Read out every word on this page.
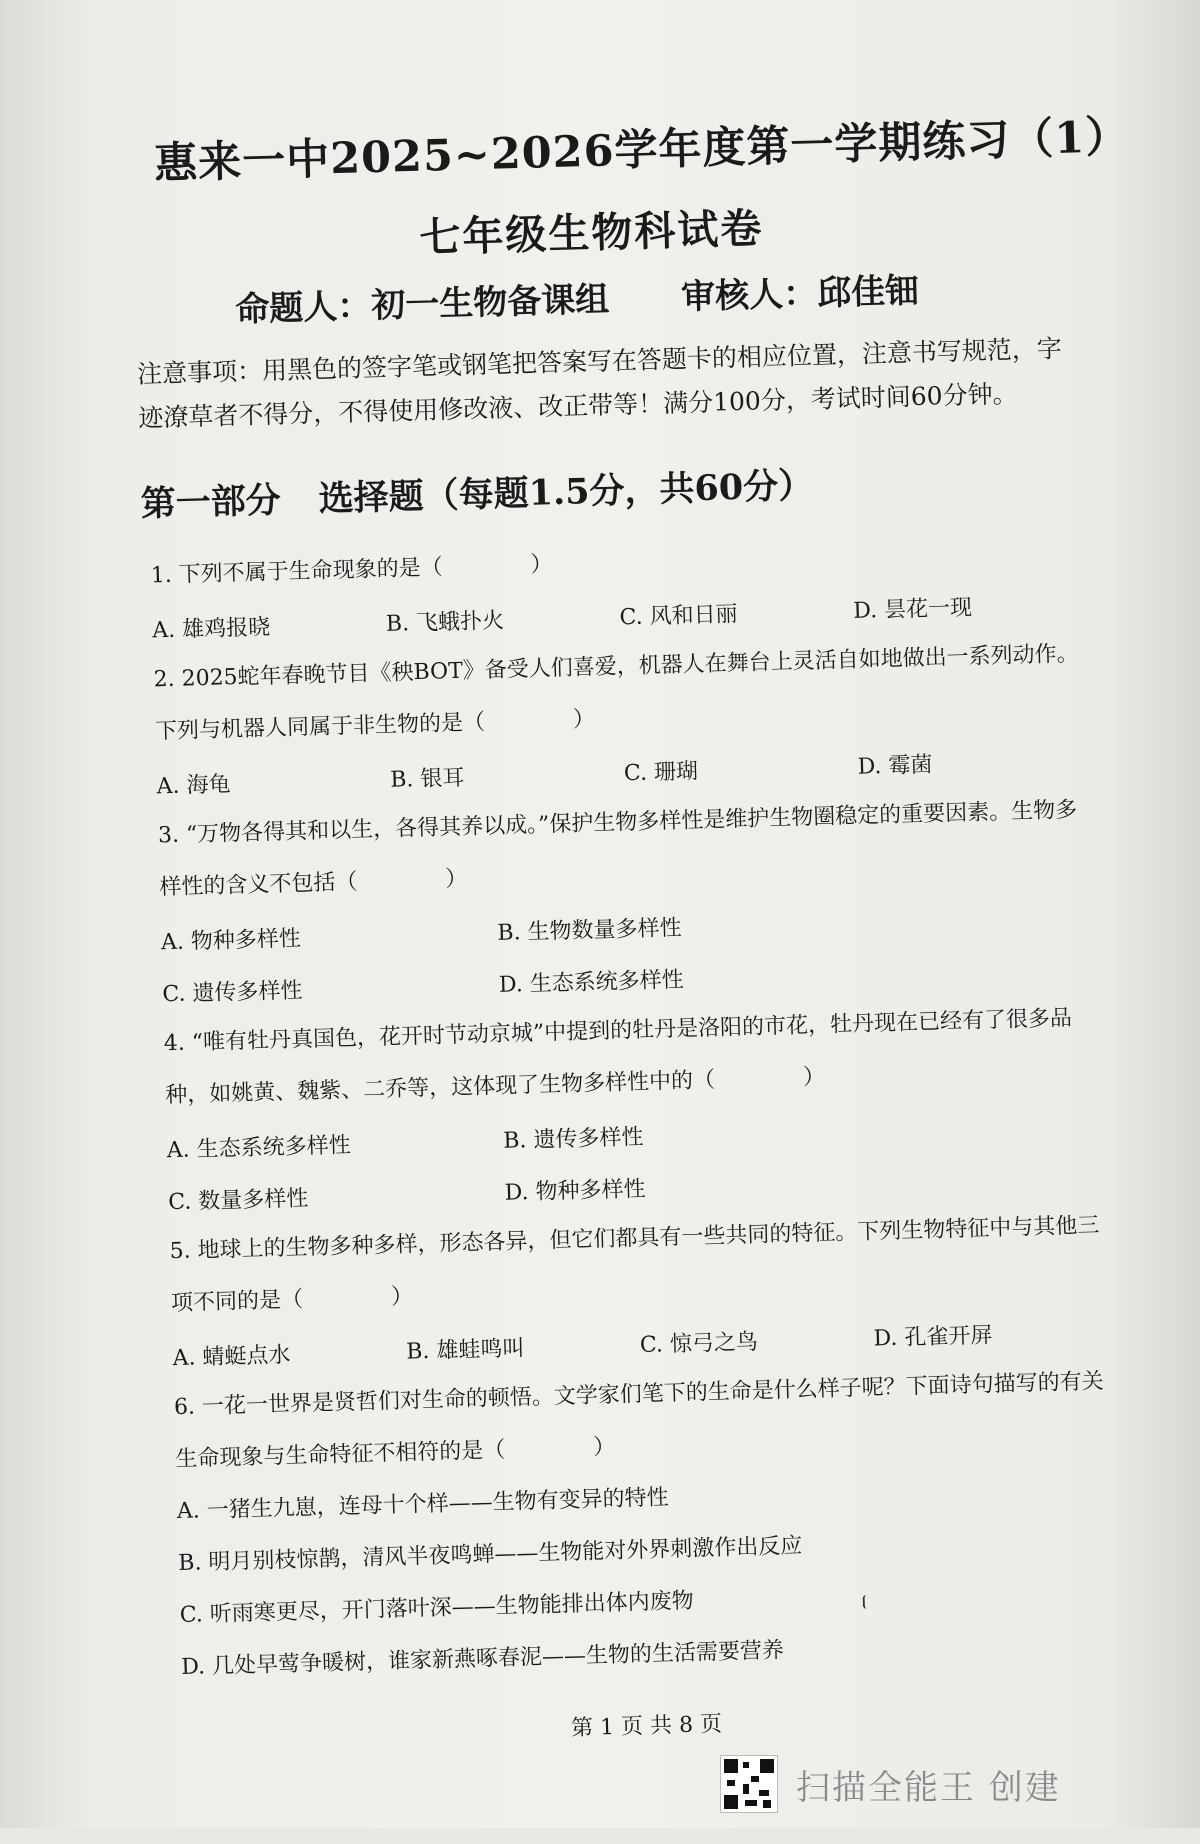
惠来一中2025~2026学年度第一学期练习（1）
七年级生物科试卷
命题人：初一生物备课组 审核人：邱佳钿
注意事项：用黑色的签字笔或钢笔把答案写在答题卡的相应位置，注意书写规范，字迹潦草者不得分，不得使用修改液、改正带等！满分100分，考试时间60分钟。
第一部分 选择题（每题1.5分，共60分）
1. 下列不属于生命现象的是（　　　　）
A. 雄鸡报晓	B. 飞蛾扑火	C. 风和日丽	D. 昙花一现
2. 2025蛇年春晚节目《秧BOT》备受人们喜爱，机器人在舞台上灵活自如地做出一系列动作。下列与机器人同属于非生物的是（　　　　）
A. 海龟	B. 银耳	C. 珊瑚	D. 霉菌
3. “万物各得其和以生，各得其养以成。”保护生物多样性是维护生物圈稳定的重要因素。生物多样性的含义不包括（　　　　）
A. 物种多样性	B. 生物数量多样性
C. 遗传多样性	D. 生态系统多样性
4. “唯有牡丹真国色，花开时节动京城”中提到的牡丹是洛阳的市花，牡丹现在已经有了很多品种，如姚黄、魏紫、二乔等，这体现了生物多样性中的（　　　　）
A. 生态系统多样性	B. 遗传多样性
C. 数量多样性	D. 物种多样性
5. 地球上的生物多种多样，形态各异，但它们都具有一些共同的特征。下列生物特征中与其他三项不同的是（　　　　）
A. 蜻蜓点水	B. 雄蛙鸣叫	C. 惊弓之鸟	D. 孔雀开屏
6. 一花一世界是贤哲们对生命的顿悟。文学家们笔下的生命是什么样子呢？下面诗句描写的有关生命现象与生命特征不相符的是（　　　　）
A. 一猪生九崽，连母十个样——生物有变异的特性
B. 明月别枝惊鹊，清风半夜鸣蝉——生物能对外界刺激作出反应
C. 听雨寒更尽，开门落叶深——生物能排出体内废物
D. 几处早莺争暖树，谁家新燕啄春泥——生物的生活需要营养
第 1 页 共 8 页
扫描全能王 创建
